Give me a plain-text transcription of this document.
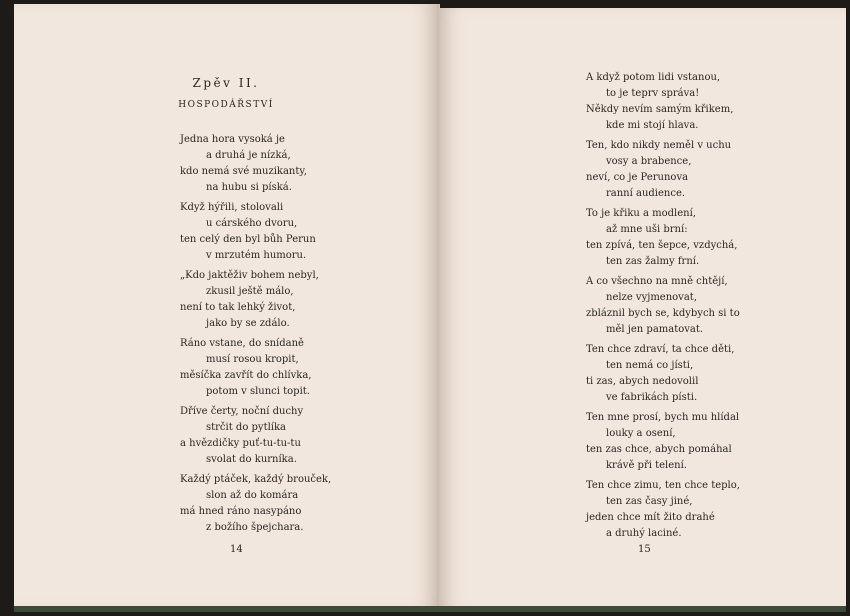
Zpěv II.
HOSPODÁŘSTVÍ
Jedna hora vysoká je
a druhá je nízká,
kdo nemá své muzikanty,
na hubu si píská.
Když hýřili, stolovali
u cárského dvoru,
ten celý den byl bůh Perun
v mrzutém humoru.
„Kdo jaktěživ bohem nebyl,
zkusil ještě málo,
není to tak lehký život,
jako by se zdálo.
Ráno vstane, do snídaně
musí rosou kropit,
měsíčka zavřít do chlívka,
potom v slunci topit.
Dříve čerty, noční duchy
strčit do pytlíka
a hvězdičky puť-tu-tu-tu
svolat do kurníka.
Každý ptáček, každý brouček,
slon až do komára
má hned ráno nasypáno
z božího špejchara.
14
A když potom lidi vstanou,
to je teprv správa!
Někdy nevím samým křikem,
kde mi stojí hlava.
Ten, kdo nikdy neměl v uchu
vosy a brabence,
neví, co je Perunova
ranní audience.
To je křiku a modlení,
až mne uši brní:
ten zpívá, ten šepce, vzdychá,
ten zas žalmy frní.
A co všechno na mně chtějí,
nelze vyjmenovat,
zbláznil bych se, kdybych si to
měl jen pamatovat.
Ten chce zdraví, ta chce děti,
ten nemá co jísti,
ti zas, abych nedovolil
ve fabrikách písti.
Ten mne prosí, bych mu hlídal
louky a osení,
ten zas chce, abych pomáhal
krávě při telení.
Ten chce zimu, ten chce teplo,
ten zas časy jiné,
jeden chce mít žito drahé
a druhý laciné.
15
